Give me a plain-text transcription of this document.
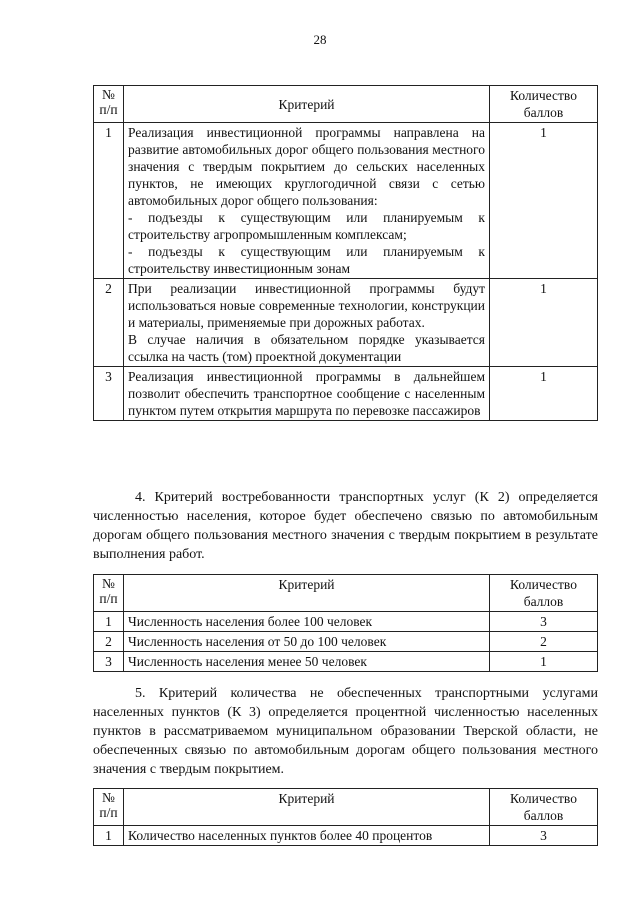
28
№
п/п	Критерий	Количество
баллов
1	Реализация инвестиционной программы направлена на развитие автомобильных дорог общего пользования местного значения с твердым покрытием до сельских населенных пунктов, не имеющих круглогодичной связи с сетью автомобильных дорог общего пользования:
- подъезды к существующим или планируемым к строительству агропромышленным комплексам;
- подъезды к существующим или планируемым к строительству инвестиционным зонам	1
2	При реализации инвестиционной программы будут использоваться новые современные технологии, конструкции и материалы, применяемые при дорожных работах.
В случае наличия в обязательном порядке указывается ссылка на часть (том) проектной документации	1
3	Реализация инвестиционной программы в дальнейшем позволит обеспечить транспортное сообщение с населенным пунктом путем открытия маршрута по перевозке пассажиров	1

4. Критерий востребованности транспортных услуг (К 2) определяется численностью населения, которое будет обеспечено связью по автомобильным дорогам общего пользования местного значения с твердым покрытием в результате выполнения работ.

№
п/п	Критерий	Количество
баллов
1	Численность населения более 100 человек	3
2	Численность населения от 50 до 100 человек	2
3	Численность населения менее 50 человек	1

5. Критерий количества не обеспеченных транспортными услугами населенных пунктов (К 3) определяется процентной численностью населенных пунктов в рассматриваемом муниципальном образовании Тверской области, не обеспеченных связью по автомобильным дорогам общего пользования местного значения с твердым покрытием.

№
п/п	Критерий	Количество
баллов
1	Количество населенных пунктов более 40 процентов	3
